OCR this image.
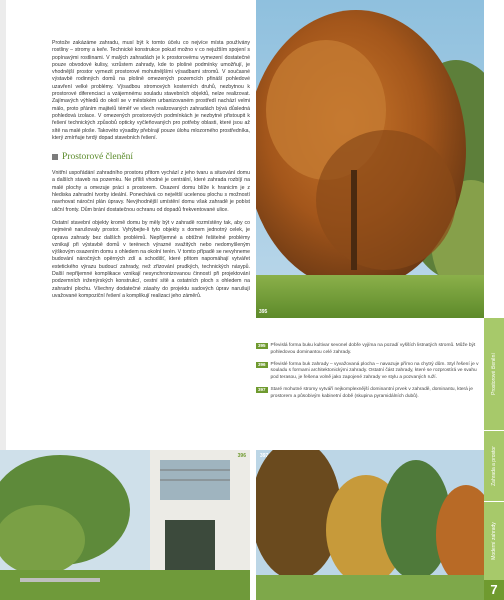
Protože zakázáme zahradu, musí být k tomto účelu co nejvíce místa používány rostliny – stromy a keře. Technické konstrukce pokud možno v co nejužším spojení s popínavými rostlinami. V malých zahradách je k prostorovému vymezení dostatečné pouze obvodové kulisy, vzrůstem zahrady, kde to plošné podmínky umožňují, je vhodnější prostor vymezit prostorové mohutnějšími výsadbami stromů. V současné výstavbě rodinných domů na plošně omezených pozemcích přináší pohledové uzavření velké problémy. Výsadbou stromových kosterních druhů, nezbytnou k prostorové diferenciaci a vzájemnému souladu stavebních objektů, nelze realizovat. Zajímavých výhledů do okolí se v městském urbanizovaném prostředí nachází velmi málo, proto přáním majitelů téměř ve všech realizovaných zahradách bývá důsledná pohledová izolace. V omezených prostorových podmínkách je nezbytné přistoupit k řešení technických způsobů opticky vyčleňovaných pro potřeby oblasti, které jsou až sítě na malé ploše. Takovéto výsadby přebírají pouze úlohu mlozorného prostředníka, který zmírňuje tvrdý dopad stavebních řešení.

Prostorové členění

Vnitřní uspořádání zahradního prostoru přitom vychází z jeho tvaru a situování domu a dalších staveb na pozemku. Ne příliš vhodné je centrální, které zahrada rozbíjí na malé plochy a omezuje práci s prostorem. Osazení domu blíže k hranicím je z hlediska zahradní tvorby ideální. Ponechává co největší ucelenou plochu s možností navrhovat nároční plán úpravy. Nevýhodnější umístění domu však zahradě je pobíst uliční fronty. Dům brání dostatečnou ochranu od dopadů frekventované ulice.

Ostatní stavební objekty kromě domu by měly být v zahradě rozmístěny tak, aby co nejméně narušovaly prostor. Vyhýbejte-li tyto objekty s domem jednotný celek, je úprava zahrady bez dalších problémů. Nepříjemné a obtížné řešitelné problémy vznikají při výstavbě domů v terénech výrazné svažitých nebo nedomyšleným výškovým osazením domu s ohledem na okolní terén. V tomto případě se nevyhneme budování náročných opěrných zdí a schodišť, které přitom napomáhají vytvářet estetického výrazu budoucí zahrady, než zřizování prudkých, technických násypů. Další nepříjemné komplikace vznikají nesynchronizovanou činností při projektování podzemních inženýrských konstrukcí, cestní sítě a ostatních ploch s ohledem na zahradní plochu. Všechny dodatečné zásahy do projektu sadových úprav narušují uvažované kompoziční řešení a komplikují realizaci jeho záměrů.

395
395	Převislá forma buku kultivar sevonel dobře vyjíma na pozadí vyšších listnatých stromů. Může být pohledovou dominantou celé zahrady.
396	Převislé forma buk zahrady – vyvažovaná plocha – navazuje přímo na chytrý dům. Styl řešení je v souladu s formami architektonickými zahrady. Ostatní část zahrady, které se rozprostírá ve svahu pod terasou, je řešena volně jako zapojené zahrady ve stylu a pozvaných ruží.
397	Staré mohutné stromy vytváří nejkomplexnější dominantní prvek v zahradě, dominantu, která je prostorem a působivým kabinetní době (skupina pyramidálních dubů).
396	397
Prostorové členění
Zahrada a prostor
Moderní zahrady
7
